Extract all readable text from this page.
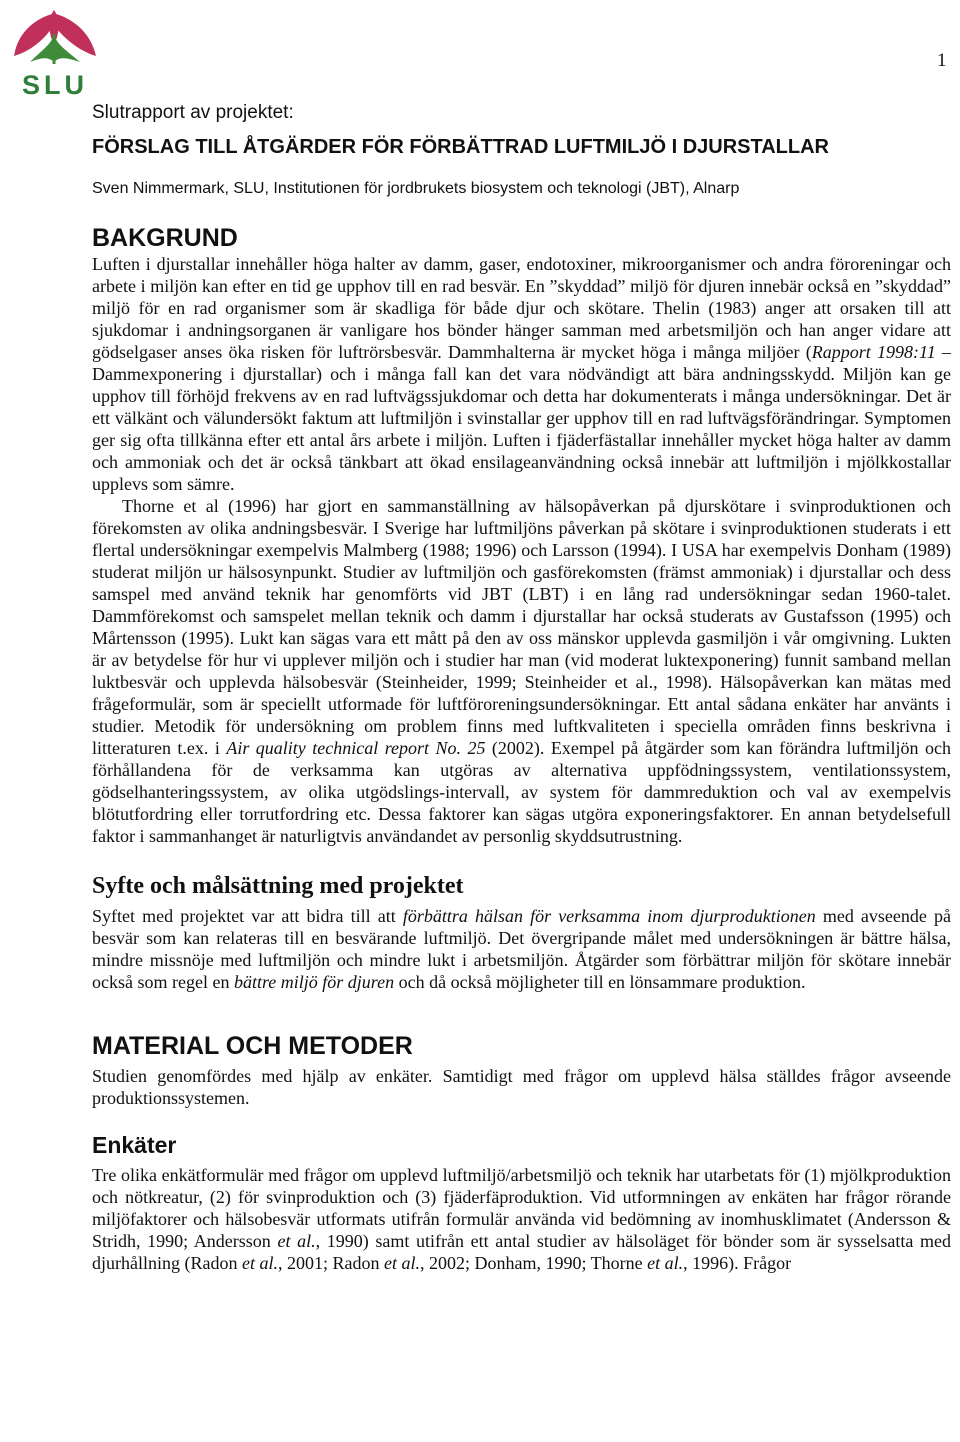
SLU
1
Slutrapport av projektet:
FÖRSLAG TILL ÅTGÄRDER FÖR FÖRBÄTTRAD LUFTMILJÖ I DJURSTALLAR
Sven Nimmermark, SLU, Institutionen för jordbrukets biosystem och teknologi (JBT), Alnarp
BAKGRUND

Luften i djurstallar innehåller höga halter av damm, gaser, endotoxiner, mikroorganismer och andra föroreningar och arbete i miljön kan efter en tid ge upphov till en rad besvär. En ”skyddad” miljö för djuren innebär också en ”skyddad” miljö för en rad organismer som är skadliga för både djur och skötare. Thelin (1983) anger att orsaken till att sjukdomar i andningsorganen är vanligare hos bönder hänger samman med arbetsmiljön och han anger vidare att gödselgaser anses öka risken för luftrörsbesvär. Dammhalterna är mycket höga i många miljöer (Rapport 1998:11 –Dammexponering i djurstallar) och i många fall kan det vara nödvändigt att bära andningsskydd. Miljön kan ge upphov till förhöjd frekvens av en rad luftvägssjukdomar och detta har dokumenterats i många undersökningar. Det är ett välkänt och välundersökt faktum att luftmiljön i svinstallar ger upphov till en rad luftvägsförändringar. Symptomen ger sig ofta tillkänna efter ett antal års arbete i miljön. Luften i fjäderfästallar innehåller mycket höga halter av damm och ammoniak och det är också tänkbart att ökad ensilageanvändning också innebär att luftmiljön i mjölkkostallar upplevs som sämre.

Thorne et al (1996) har gjort en sammanställning av hälsopåverkan på djurskötare i svinproduktionen och förekomsten av olika andningsbesvär. I Sverige har luftmiljöns påverkan på skötare i svinproduktionen studerats i ett flertal undersökningar exempelvis Malmberg (1988; 1996) och Larsson (1994). I USA har exempelvis Donham (1989) studerat miljön ur hälsosynpunkt. Studier av luftmiljön och gasförekomsten (främst ammoniak) i djurstallar och dess samspel med använd teknik har genomförts vid JBT (LBT) i en lång rad undersökningar sedan 1960-talet. Dammförekomst och samspelet mellan teknik och damm i djurstallar har också studerats av Gustafsson (1995) och Mårtensson (1995). Lukt kan sägas vara ett mått på den av oss mänskor upplevda gasmiljön i vår omgivning. Lukten är av betydelse för hur vi upplever miljön och i studier har man (vid moderat luktexponering) funnit samband mellan luktbesvär och upplevda hälsobesvär (Steinheider, 1999; Steinheider et al., 1998). Hälsopåverkan kan mätas med frågeformulär, som är speciellt utformade för luftföroreningsundersökningar. Ett antal sådana enkäter har använts i studier. Metodik för undersökning om problem finns med luftkvaliteten i speciella områden finns beskrivna i litteraturen t.ex. i Air quality technical report No. 25 (2002). Exempel på åtgärder som kan förändra luftmiljön och förhållandena för de verksamma kan utgöras av alternativa uppfödningssystem, ventilationssystem, gödselhanteringssystem, av olika utgödslings-intervall, av system för dammreduktion och val av exempelvis blötutfordring eller torrutfordring etc. Dessa faktorer kan sägas utgöra exponeringsfaktorer. En annan betydelsefull faktor i sammanhanget är naturligtvis användandet av personlig skyddsutrustning.

Syfte och målsättning med projektet

Syftet med projektet var att bidra till att förbättra hälsan för verksamma inom djurproduktionen med avseende på besvär som kan relateras till en besvärande luftmiljö. Det övergripande målet med undersökningen är bättre hälsa, mindre missnöje med luftmiljön och mindre lukt i arbetsmiljön. Åtgärder som förbättrar miljön för skötare innebär också som regel en bättre miljö för djuren och då också möjligheter till en lönsammare produktion.

MATERIAL OCH METODER

Studien genomfördes med hjälp av enkäter. Samtidigt med frågor om upplevd hälsa ställdes frågor avseende produktionssystemen.

Enkäter

Tre olika enkätformulär med frågor om upplevd luftmiljö/arbetsmiljö och teknik har utarbetats för (1) mjölkproduktion och nötkreatur, (2) för svinproduktion och (3) fjäderfäproduktion. Vid utformningen av enkäten har frågor rörande miljöfaktorer och hälsobesvär utformats utifrån formulär använda vid bedömning av inomhusklimatet (Andersson & Stridh, 1990; Andersson et al., 1990) samt utifrån ett antal studier av hälsoläget för bönder som är sysselsatta med djurhållning (Radon et al., 2001; Radon et al., 2002; Donham, 1990; Thorne et al., 1996). Frågor
